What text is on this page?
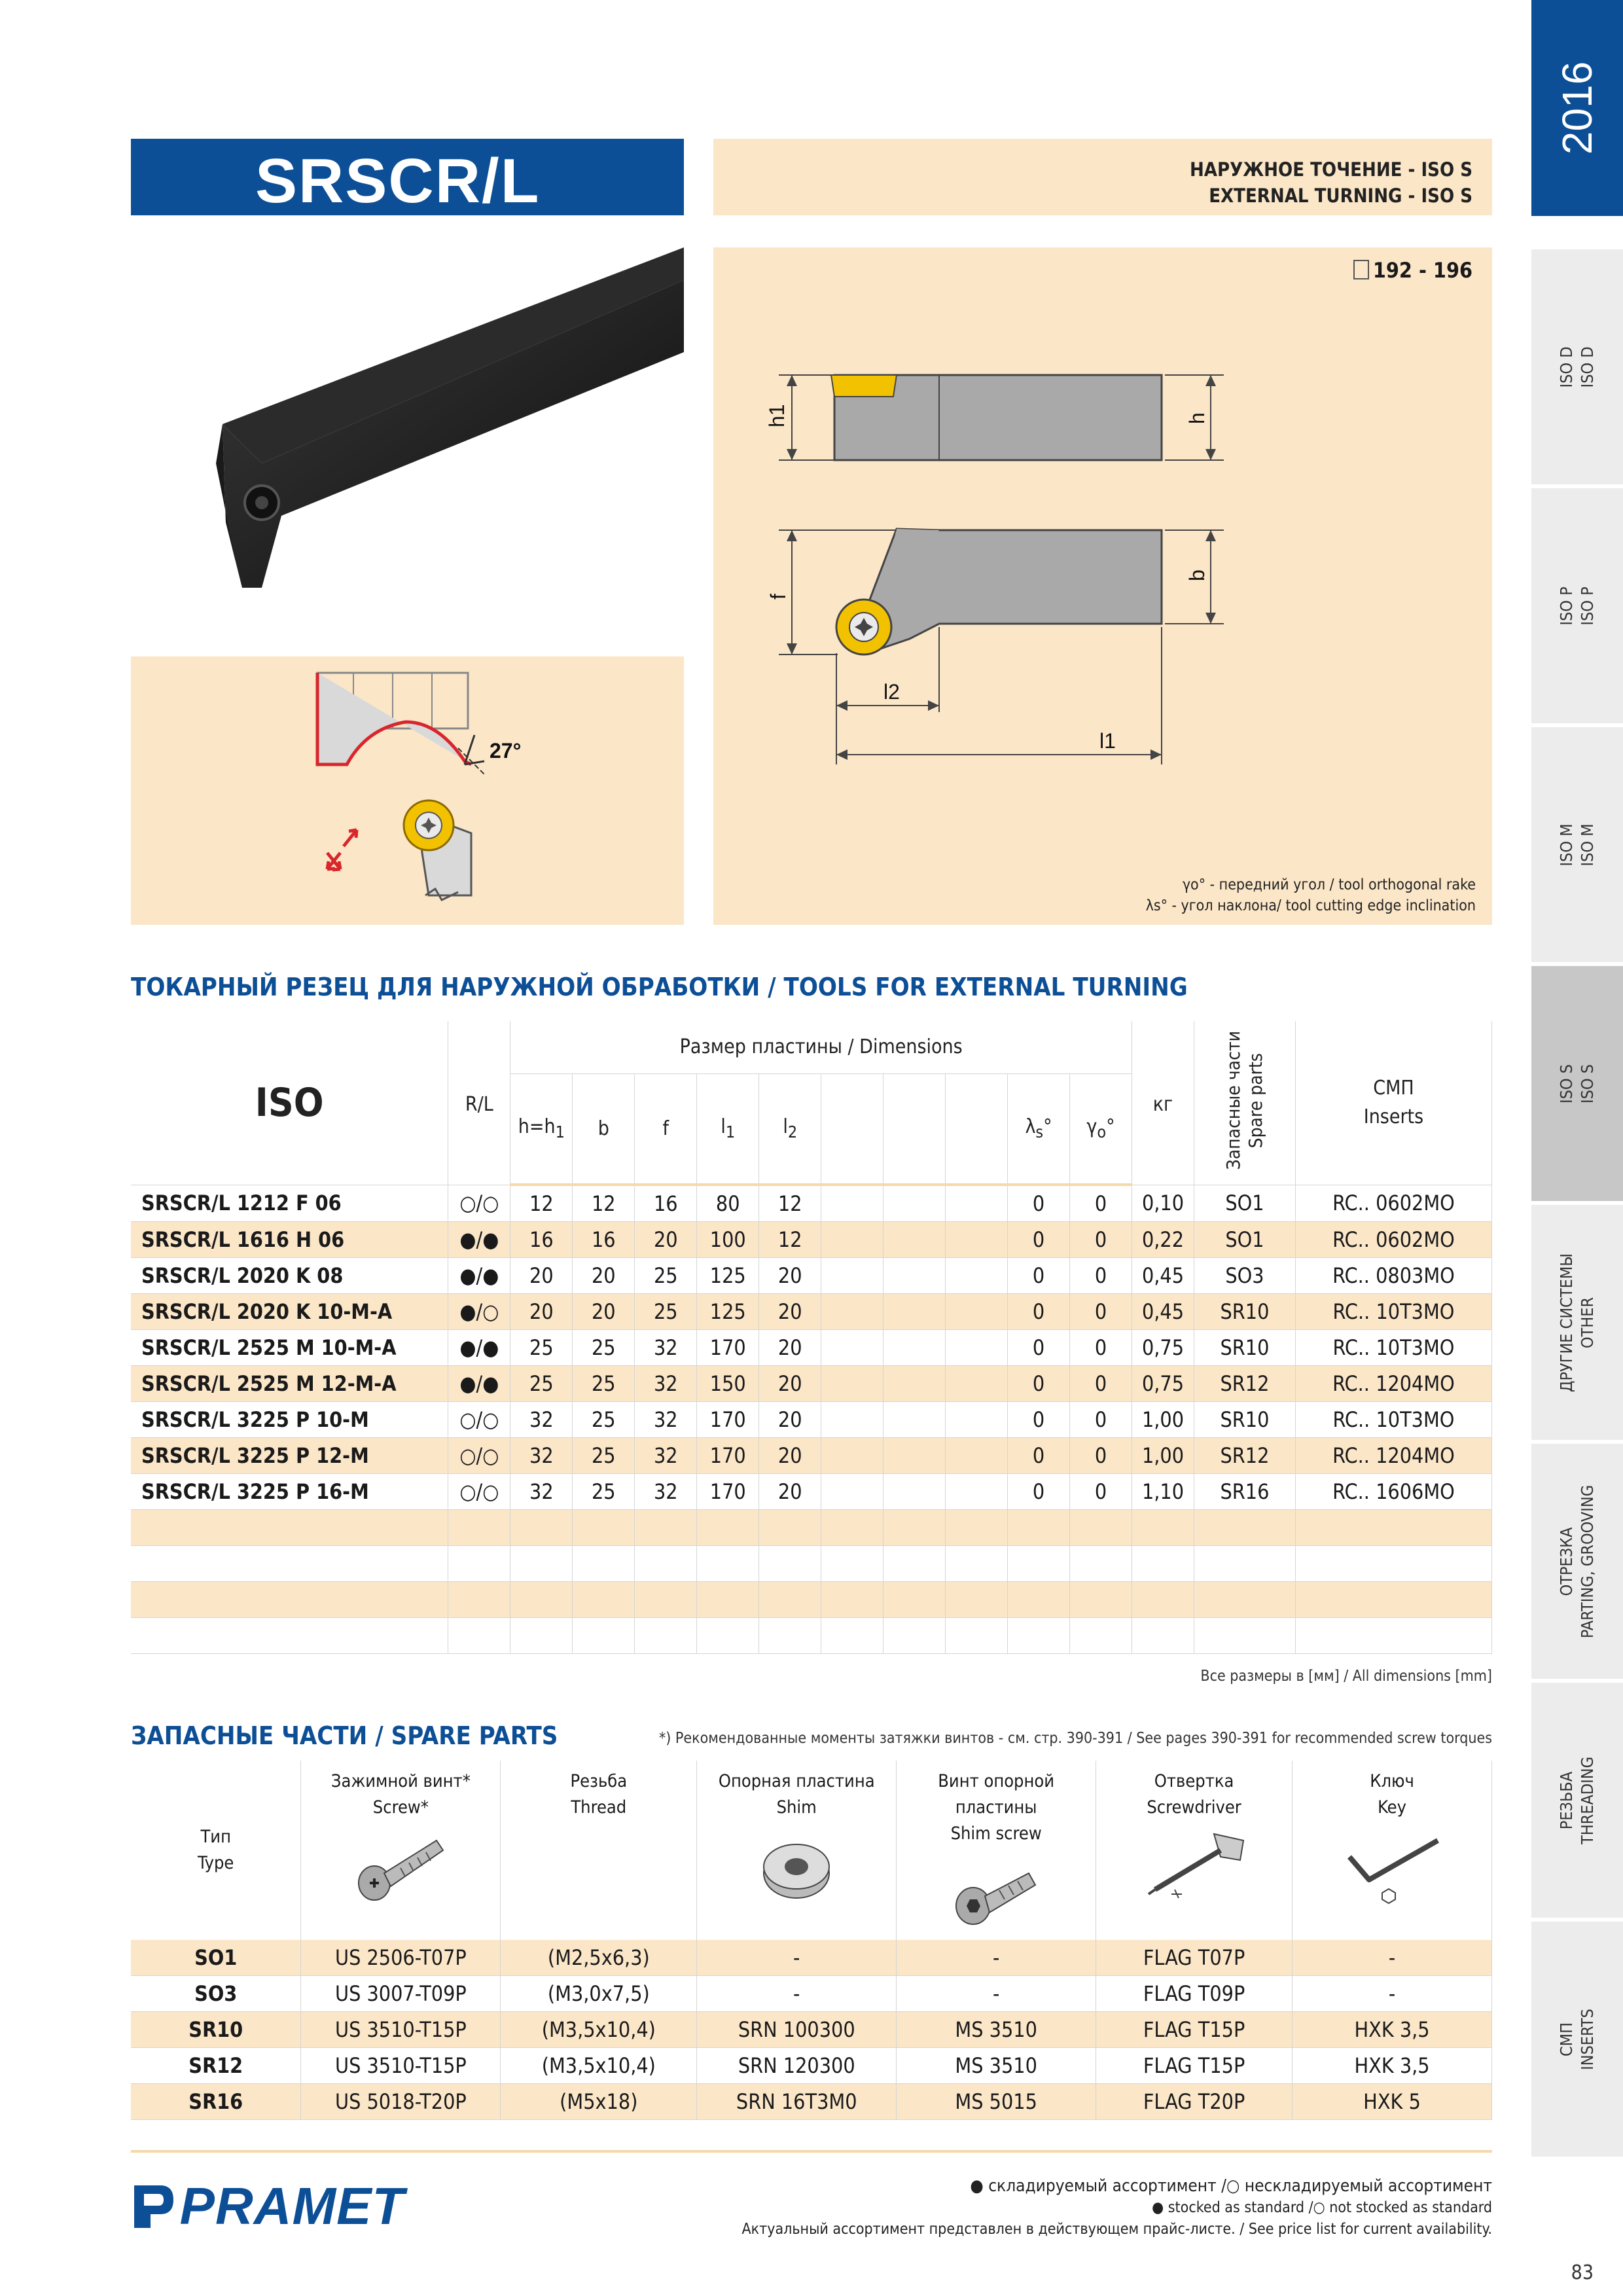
SRSCR/L	НАРУЖНОЕ ТОЧЕНИЕ - ISO S
EXTERNAL TURNING - ISO S
2016
ISO D ISO D
ISO P ISO P
ISO M ISO M
ISO S ISO S
ДРУГИЕ СИСТЕМЫ OTHER
ОТРЕЗКА PARTING, GROOVING
РЕЗЬБА THREADING
СМП INSERTS
27°
192 - 196
h1	h
f
b
l2
l1
γo° - передний угол / tool orthogonal rake
λs° - угол наклона/ tool cutting edge inclination
ТОКАРНЫЙ РЕЗЕЦ ДЛЯ НАРУЖНОЙ ОБРАБОТКИ / TOOLS FOR EXTERNAL TURNING
ISO	R/L	Размер пластины / Dimensions										кг	Запасные части
Spare parts	СМП
Inserts
		$h=h_1$	b	f	$l_1$	$l_2$				$\lambda_s^\circ$	$\gamma_o^\circ$			
SRSCR/L 1212 F 06	○/○	12	12	16	80	12				0	0	0,10	SO1	RC.. 0602MO
SRSCR/L 1616 H 06	●/●	16	16	20	100	12				0	0	0,22	SO1	RC.. 0602MO
SRSCR/L 2020 K 08	●/●	20	20	25	125	20				0	0	0,45	SO3	RC.. 0803MO
SRSCR/L 2020 K 10-M-A	●/○	20	20	25	125	20				0	0	0,45	SR10	RC.. 10T3MO
SRSCR/L 2525 M 10-M-A	●/●	25	25	32	170	20				0	0	0,75	SR10	RC.. 10T3MO
SRSCR/L 2525 M 12-M-A	●/●	25	25	32	150	20				0	0	0,75	SR12	RC.. 1204MO
SRSCR/L 3225 P 10-M	○/○	32	25	32	170	20				0	0	1,00	SR10	RC.. 10T3MO
SRSCR/L 3225 P 12-M	○/○	32	25	32	170	20				0	0	1,00	SR12	RC.. 1204MO
SRSCR/L 3225 P 16-M	○/○	32	25	32	170	20				0	0	1,10	SR16	RC.. 1606MO

Все размеры в [мм] / All dimensions [mm]
ЗАПАСНЫЕ ЧАСТИ / SPARE PARTS	*) Рекомендованные моменты затяжки винтов - см. стр. 390-391 / See pages 390-391 for recommended screw torques
Тип
Type	Зажимной винт*
Screw*	Резьба
Thread	Опорная пластина
Shim	Винт опорной пластины
Shim screw	Отвертка
Screwdriver	Ключ
Key

SO1	US 2506-T07P	(M2,5x6,3)	-	-	FLAG T07P	-
SO3	US 3007-T09P	(M3,0x7,5)	-	-	FLAG T09P	-
SR10	US 3510-T15P	(M3,5x10,4)	SRN 100300	MS 3510	FLAG T15P	HXK 3,5
SR12	US 3510-T15P	(M3,5x10,4)	SRN 120300	MS 3510	FLAG T15P	HXK 3,5
SR16	US 5018-T20P	(M5x18)	SRN 16T3M0	MS 5015	FLAG T20P	HXK 5
PRAMET	● складируемый ассортимент /○ нескладируемый ассортимент
● stocked as standard /○ not stocked as standard
Актуальный ассортимент представлен в действующем прайс-листе. / See price list for current availability.
83
